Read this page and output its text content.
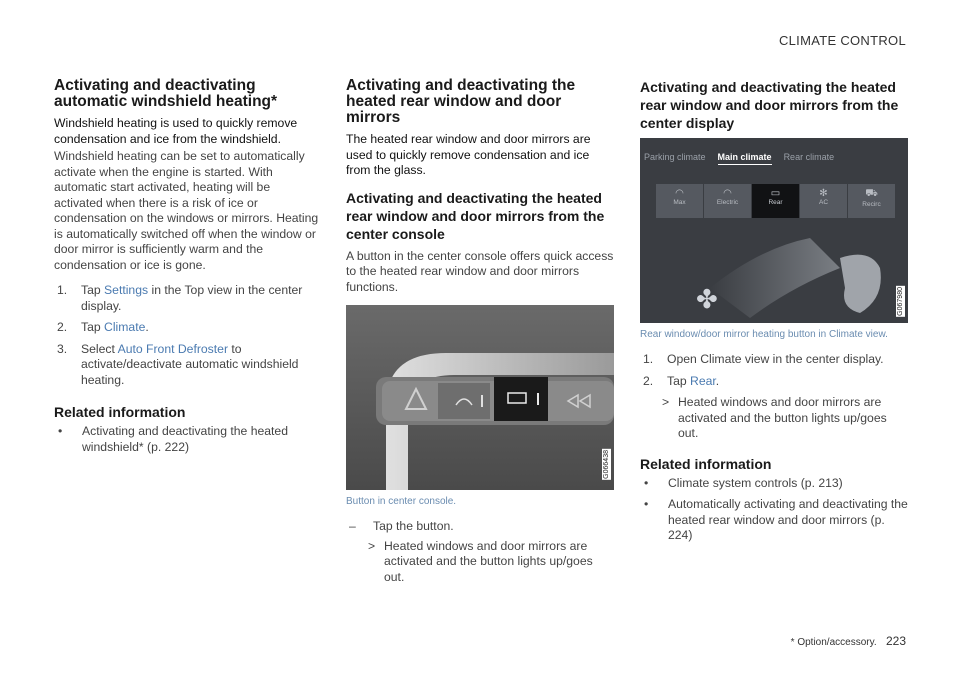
CLIMATE CONTROL
Activating and deactivating automatic windshield heating*

Windshield heating is used to quickly remove condensation and ice from the windshield.

Windshield heating can be set to automatically activate when the engine is started. With automatic start activated, heating will be activated when there is a risk of ice or condensation on the windows or mirrors. Heating is automatically switched off when the window or door mirror is sufficiently warm and the condensation or ice is gone.

1.	Tap Settings in the Top view in the center display.
2.	Tap Climate.
3.	Select Auto Front Defroster to activate/deactivate automatic windshield heating.
Related information
•	Activating and deactivating the heated windshield* (p. 222)
Activating and deactivating the heated rear window and door mirrors

The heated rear window and door mirrors are used to quickly remove condensation and ice from the glass.

Activating and deactivating the heated rear window and door mirrors from the center console

A button in the center console offers quick access to the heated rear window and door mirrors functions.

G066438
Button in center console.
–	Tap the button.
> Heated windows and door mirrors are activated and the button lights up/goes out.
Activating and deactivating the heated rear window and door mirrors from the center display
Parking climate Main climate Rear climate
◠
Max
◠
Electric
▭
Rear
✻
AC
⛟
Recirc
✤	G067980
Rear window/door mirror heating button in Climate view.
1.	Open Climate view in the center display.
2.	Tap Rear.
> Heated windows and door mirrors are activated and the button lights up/goes out.
Related information
•	Climate system controls (p. 213)
•	Automatically activating and deactivating the heated rear window and door mirrors (p. 224)
* Option/accessory. 223
